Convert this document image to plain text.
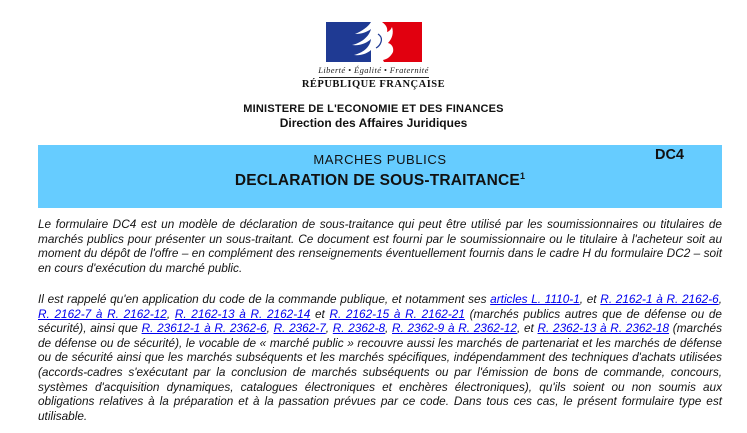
Liberté • Égalité • Fraternité
RÉPUBLIQUE FRANÇAISE
MINISTERE DE L'ECONOMIE ET DES FINANCES
Direction des Affaires Juridiques
DC4
MARCHES PUBLICS
DECLARATION DE SOUS-TRAITANCE$^1$

Le formulaire DC4 est un modèle de déclaration de sous-traitance qui peut être utilisé par les soumissionnaires ou titulaires de marchés publics pour présenter un sous-traitant. Ce document est fourni par le soumissionnaire ou le titulaire à l'acheteur soit au moment du dépôt de l'offre – en complément des renseignements éventuellement fournis dans le cadre H du formulaire DC2 – soit en cours d'exécution du marché public.

Il est rappelé qu'en application du code de la commande publique, et notamment ses articles L. 1110-1, et R. 2162-1 à R. 2162-6, R. 2162-7 à R. 2162-12, R. 2162-13 à R. 2162-14 et R. 2162-15 à R. 2162-21 (marchés publics autres que de défense ou de sécurité), ainsi que R. 23612-1 à R. 2362-6, R. 2362-7, R. 2362-8, R. 2362-9 à R. 2362-12, et R. 2362-13 à R. 2362-18 (marchés de défense ou de sécurité), le vocable de « marché public » recouvre aussi les marchés de partenariat et les marchés de défense ou de sécurité ainsi que les marchés subséquents et les marchés spécifiques, indépendamment des techniques d'achats utilisées (accords-cadres s'exécutant par la conclusion de marchés subséquents ou par l'émission de bons de commande, concours, systèmes d'acquisition dynamiques, catalogues électroniques et enchères électroniques), qu'ils soient ou non soumis aux obligations relatives à la préparation et à la passation prévues par ce code. Dans tous ces cas, le présent formulaire type est utilisable.
